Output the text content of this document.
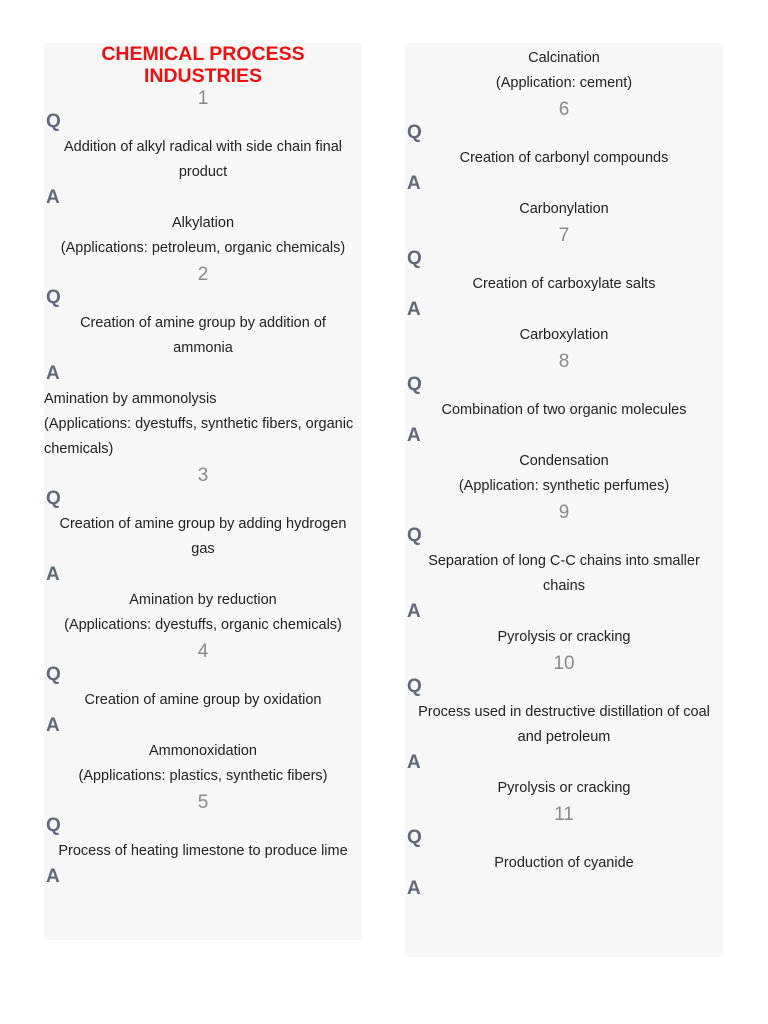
CHEMICAL PROCESS INDUSTRIES
1
Q
Addition of alkyl radical with side chain final product
A
Alkylation
(Applications: petroleum, organic chemicals)
2
Q
Creation of amine group by addition of ammonia
A
Amination by ammonolysis
(Applications: dyestuffs, synthetic fibers, organic chemicals)
3
Q
Creation of amine group by adding hydrogen gas
A
Amination by reduction
(Applications: dyestuffs, organic chemicals)
4
Q
Creation of amine group by oxidation
A
Ammonoxidation
(Applications: plastics, synthetic fibers)
5
Q
Process of heating limestone to produce lime
A
Calcination
(Application: cement)
6
Q
Creation of carbonyl compounds
A
Carbonylation
7
Q
Creation of carboxylate salts
A
Carboxylation
8
Q
Combination of two organic molecules
A
Condensation
(Application: synthetic perfumes)
9
Q
Separation of long C-C chains into smaller chains
A
Pyrolysis or cracking
10
Q
Process used in destructive distillation of coal and petroleum
A
Pyrolysis or cracking
11
Q
Production of cyanide
A
